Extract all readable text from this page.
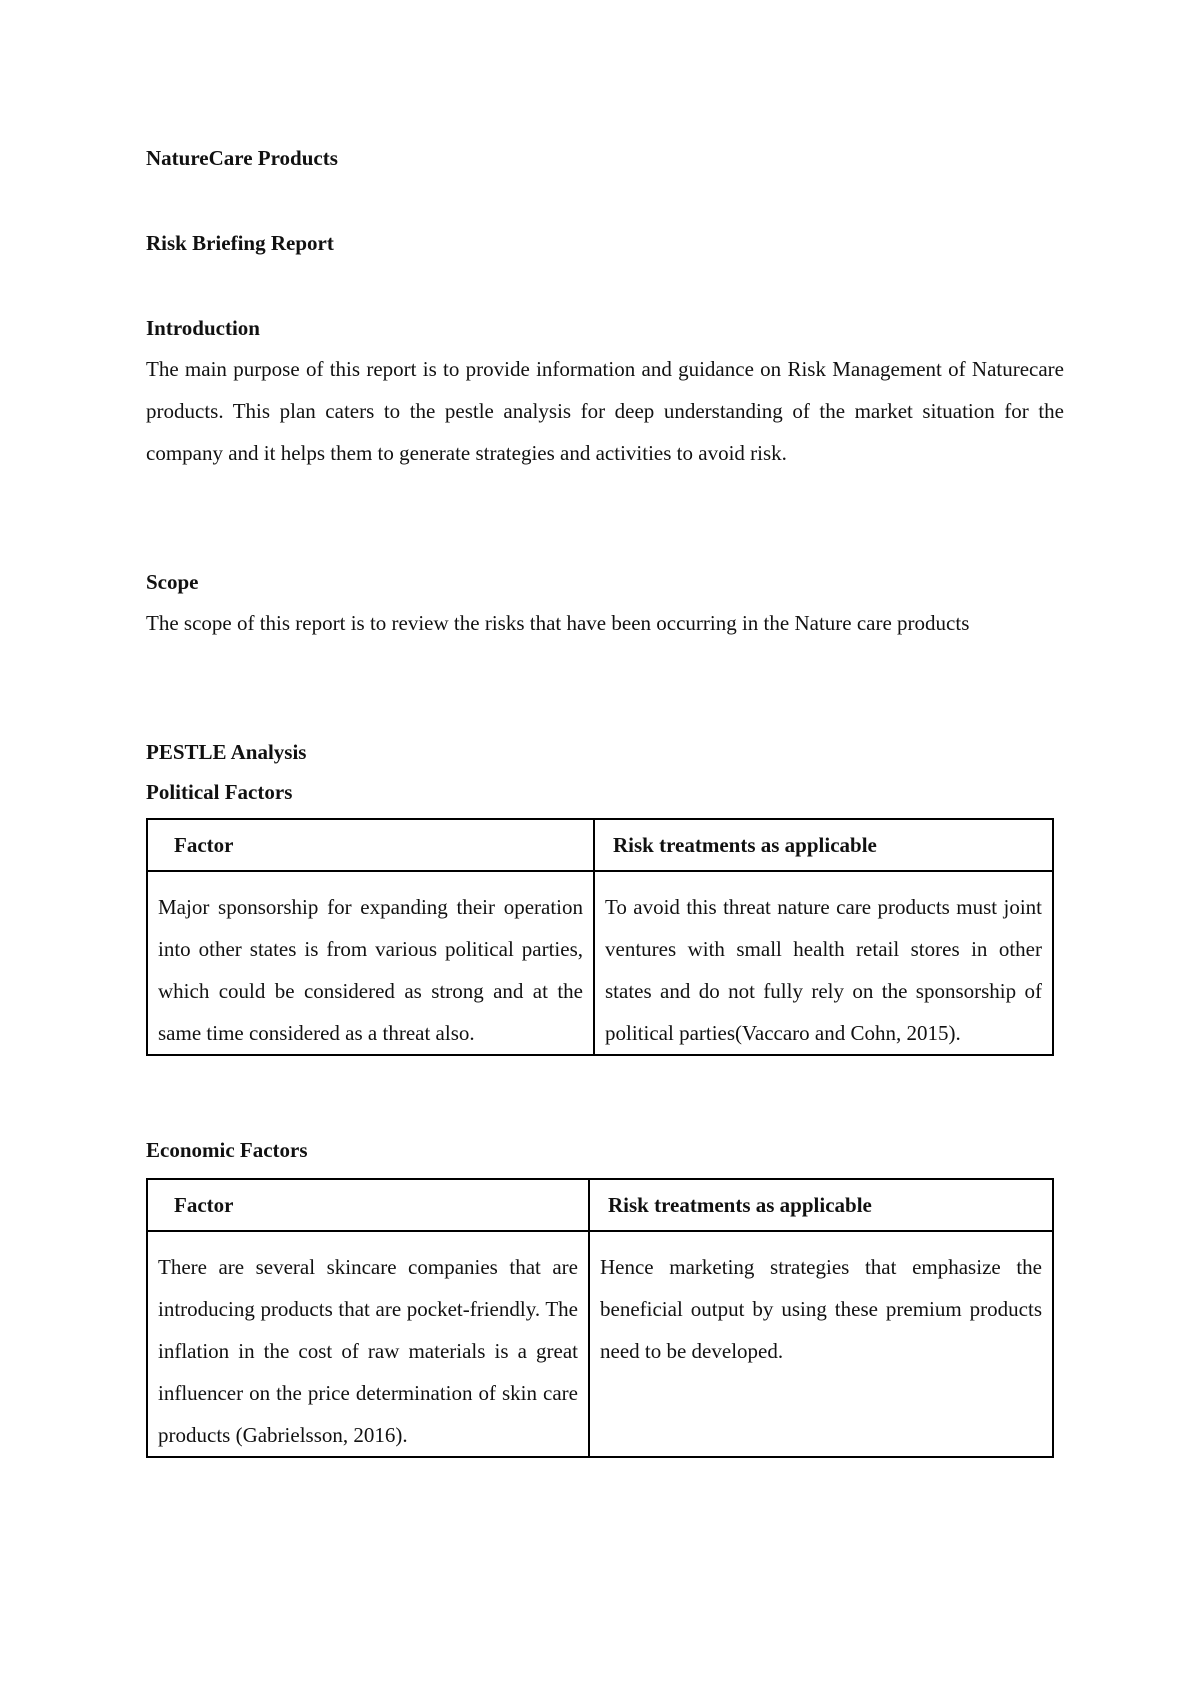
NatureCare Products
Risk Briefing Report
Introduction
The main purpose of this report is to provide information and guidance on Risk Management of Naturecare products. This plan caters to the pestle analysis for deep understanding of the market situation for the company and it helps them to generate strategies and activities to avoid risk.
Scope
The scope of this report is to review the risks that have been occurring in the Nature care products
PESTLE Analysis
Political Factors
Factor	Risk treatments as applicable
Major sponsorship for expanding their operation into other states is from various political parties, which could be considered as strong and at the same time considered as a threat also.	To avoid this threat nature care products must joint ventures with small health retail stores in other states and do not fully rely on the sponsorship of political parties(Vaccaro and Cohn, 2015).
Economic Factors
Factor	Risk treatments as applicable
There are several skincare companies that are introducing products that are pocket-friendly. The inflation in the cost of raw materials is a great influencer on the price determination of skin care products (Gabrielsson, 2016).	Hence marketing strategies that emphasize the beneficial output by using these premium products need to be developed.
